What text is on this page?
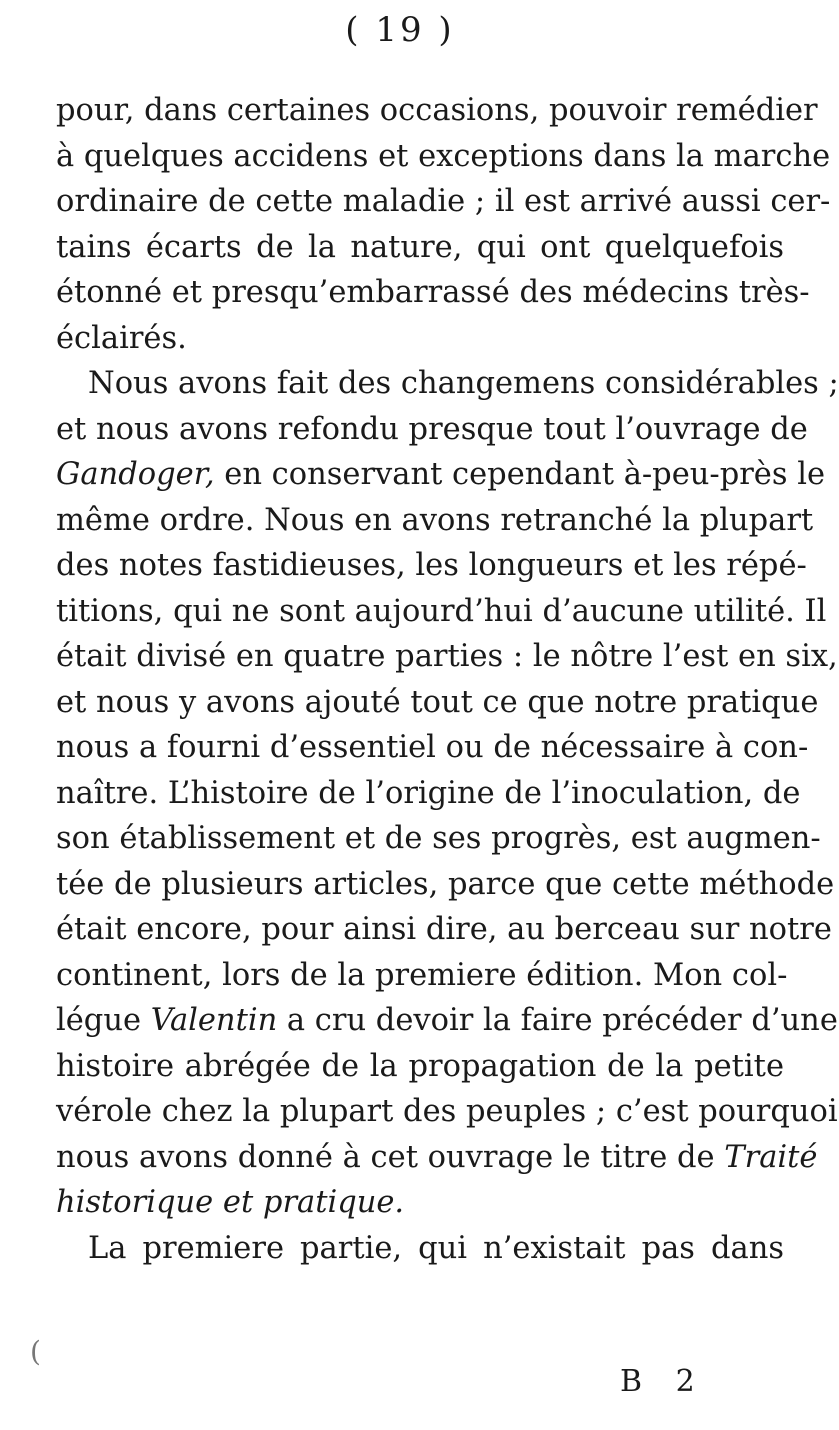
( 19 )
pour, dans certaines occasions, pouvoir remédier
à quelques accidens et exceptions dans la marche
ordinaire de cette maladie ; il est arrivé aussi cer-
tains écarts de la nature, qui ont quelquefois
étonné et presqu’embarrassé des médecins très-
éclairés.
Nous avons fait des changemens considérables ;
et nous avons refondu presque tout l’ouvrage de
Gandoger, en conservant cependant à-peu-près le
même ordre. Nous en avons retranché la plupart
des notes fastidieuses, les longueurs et les répé-
titions, qui ne sont aujourd’hui d’aucune utilité. Il
était divisé en quatre parties : le nôtre l’est en six,
et nous y avons ajouté tout ce que notre pratique
nous a fourni d’essentiel ou de nécessaire à con-
naître. L’histoire de l’origine de l’inoculation, de
son établissement et de ses progrès, est augmen-
tée de plusieurs articles, parce que cette méthode
était encore, pour ainsi dire, au berceau sur notre
continent, lors de la premiere édition. Mon col-
légue Valentin a cru devoir la faire précéder d’une
histoire abrégée de la propagation de la petite
vérole chez la plupart des peuples ; c’est pourquoi
nous avons donné à cet ouvrage le titre de Traité
historique et pratique.
La premiere partie, qui n’existait pas dans
(
B 2
